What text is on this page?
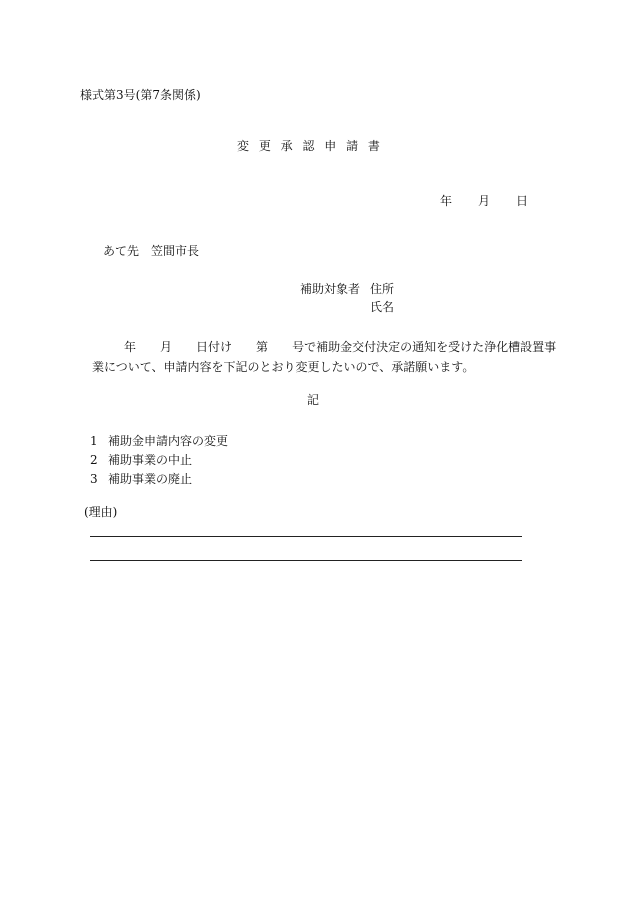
様式第3号(第7条関係)
変 更 承 認 申 請 書
年 月 日
あて先 笠間市長
補助対象者 住所
氏名
年 月 日付け 第 号で補助金交付決定の通知を受けた浄化槽設置事
業について、申請内容を下記のとおり変更したいので、承諾願います。
記
1 補助金申請内容の変更
2 補助事業の中止
3 補助事業の廃止
(理由)
